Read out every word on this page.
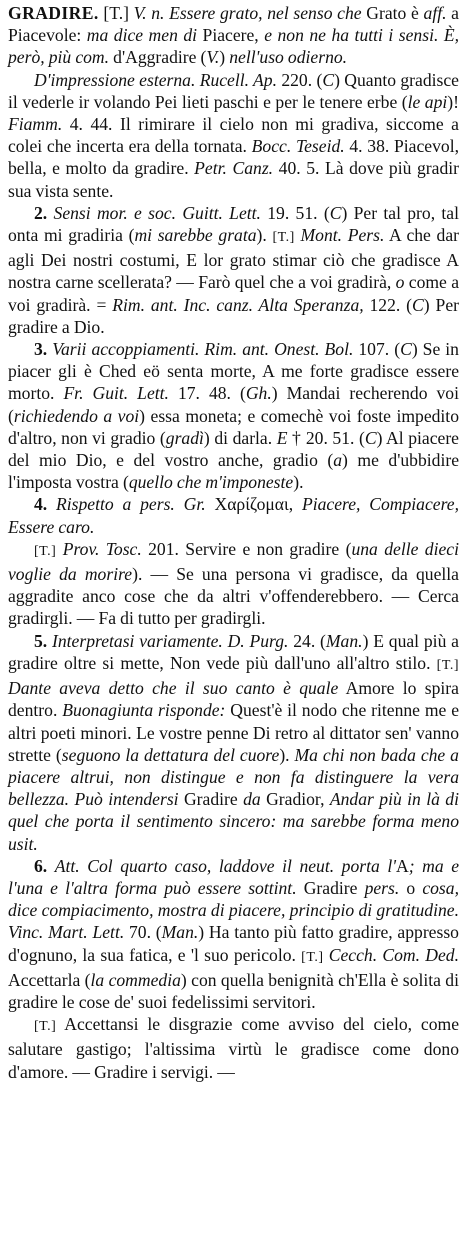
GRADIRE. [T.] V. n. Essere grato, nel senso che Grato è aff. a Piacevole: ma dice men di Piacere, e non ne ha tutti i sensi. È, però, più com. d'Aggradire (V.) nell'uso odierno.
D'impressione esterna. Rucell. Ap. 220. (C) Quanto gradisce il vederle ir volando Pei lieti paschi e per le tenere erbe (le api)! Fiamm. 4. 44. Il rimirare il cielo non mi gradiva, siccome a colei che incerta era della tornata. Bocc. Teseid. 4. 38. Piacevol, bella, e molto da gradire. Petr. Canz. 40. 5. Là dove più gradir sua vista sente.
2. Sensi mor. e soc. Guitt. Lett. 19. 51. (C) Per tal pro, tal onta mi gradiria (mi sarebbe grata). [T.] Mont. Pers. A che dar agli Dei nostri costumi, E lor grato stimar ciò che gradisce A nostra carne scellerata? — Farò quel che a voi gradirà, o come a voi gradirà. = Rim. ant. Inc. canz. Alta Speranza, 122. (C) Per gradire a Dio.
3. Varii accoppiamenti. Rim. ant. Onest. Bol. 107. (C) Se in piacer gli è Ched eö senta morte, A me forte gradisce essere morto. Fr. Guit. Lett. 17. 48. (Gh.) Mandai recherendo voi (richiedendo a voi) essa moneta; e comechè voi foste impedito d'altro, non vi gradio (gradì) di darla. E † 20. 51. (C) Al piacere del mio Dio, e del vostro anche, gradio (a) me d'ubbidire l'imposta vostra (quello che m'imponeste).
4. Rispetto a pers. Gr. Χαρίζομαι, Piacere, Compiacere, Essere caro.
[T.] Prov. Tosc. 201. Servire e non gradire (una delle dieci voglie da morire). — Se una persona vi gradisce, da quella aggradite anco cose che da altri v'offenderebbero. — Cerca gradirgli. — Fa di tutto per gradirgli.
5. Interpretasi variamente. D. Purg. 24. (Man.) E qual più a gradire oltre si mette, Non vede più dall'uno all'altro stilo. [T.] Dante aveva detto che il suo canto è quale Amore lo spira dentro. Buonagiunta risponde: Quest'è il nodo che ritenne me e altri poeti minori. Le vostre penne Di retro al dittator sen' vanno strette (seguono la dettatura del cuore). Ma chi non bada che a piacere altrui, non distingue e non fa distinguere la vera bellezza. Può intendersi Gradire da Gradior, Andar più in là di quel che porta il sentimento sincero: ma sarebbe forma meno usit.
6. Att. Col quarto caso, laddove il neut. porta l'A; ma e l'una e l'altra forma può essere sottint. Gradire pers. o cosa, dice compiacimento, mostra di piacere, principio di gratitudine. Vinc. Mart. Lett. 70. (Man.) Ha tanto più fatto gradire, appresso d'ognuno, la sua fatica, e 'l suo pericolo. [T.] Cecch. Com. Ded. Accettarla (la commedia) con quella benignità ch'Ella è solita di gradire le cose de' suoi fedelissimi servitori.
[T.] Accettansi le disgrazie come avviso del cielo, come salutare gastigo; l'altissima virtù le gradisce come dono d'amore. — Gradire i servigi. —
